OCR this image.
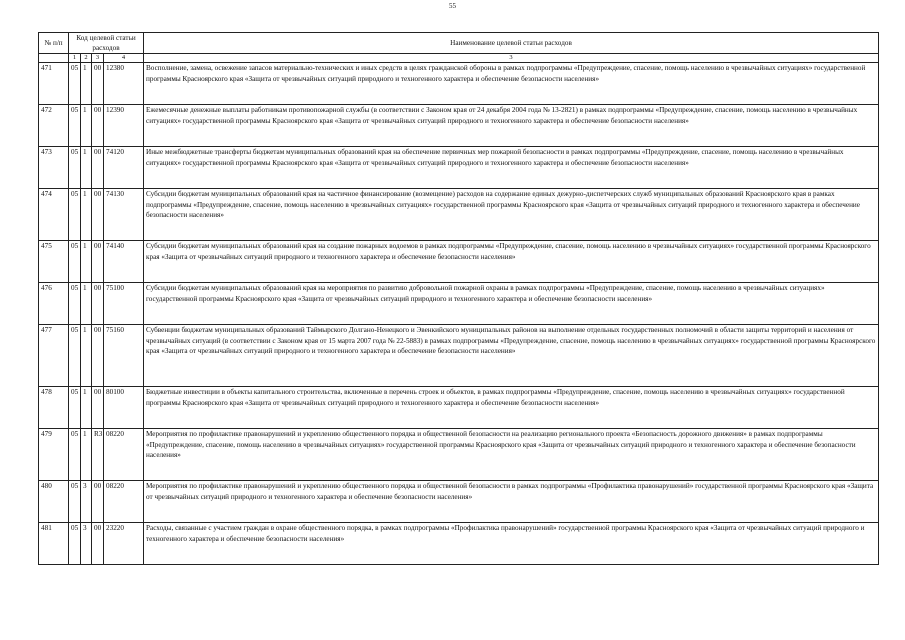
55
№ п/п	Код целевой статьи расходов				Наименование целевой статьи расходов
	1	2	3	4	3
471	05	1	00	12380	Восполнение, замена, освежение запасов материально-технических и иных средств в целях гражданской обороны в рамках подпрограммы «Предупреждение, спасение, помощь населению в чрезвычайных ситуациях» государственной программы Красноярского края «Защита от чрезвычайных ситуаций природного и техногенного характера и обеспечение безопасности населения»
472	05	1	00	12390	Ежемесячные денежные выплаты работникам противопожарной службы (в соответствии с Законом края от 24 декабря 2004 года № 13-2821) в рамках подпрограммы «Предупреждение, спасение, помощь населению в чрезвычайных ситуациях» государственной программы Красноярского края «Защита от чрезвычайных ситуаций природного и техногенного характера и обеспечение безопасности населения»
473	05	1	00	74120	Иные межбюджетные трансферты бюджетам муниципальных образований края на обеспечение первичных мер пожарной безопасности в рамках подпрограммы «Предупреждение, спасение, помощь населению в чрезвычайных ситуациях» государственной программы Красноярского края «Защита от чрезвычайных ситуаций природного и техногенного характера и обеспечение безопасности населения»
474	05	1	00	74130	Субсидии бюджетам муниципальных образований края на частичное финансирование (возмещение) расходов на содержание единых дежурно-диспетчерских служб муниципальных образований Красноярского края в рамках подпрограммы «Предупреждение, спасение, помощь населению в чрезвычайных ситуациях» государственной программы Красноярского края «Защита от чрезвычайных ситуаций природного и техногенного характера и обеспечение безопасности населения»
475	05	1	00	74140	Субсидии бюджетам муниципальных образований края на создание пожарных водоемов в рамках подпрограммы «Предупреждение, спасение, помощь населению в чрезвычайных ситуациях» государственной программы Красноярского края «Защита от чрезвычайных ситуаций природного и техногенного характера и обеспечение безопасности населения»
476	05	1	00	75100	Субсидии бюджетам муниципальных образований края на мероприятия по развитию добровольной пожарной охраны в рамках подпрограммы «Предупреждение, спасение, помощь населению в чрезвычайных ситуациях» государственной программы Красноярского края «Защита от чрезвычайных ситуаций природного и техногенного характера и обеспечение безопасности населения»
477	05	1	00	75160	Субвенции бюджетам муниципальных образований Таймырского Долгано-Ненецкого и Эвенкийского муниципальных районов на выполнение отдельных государственных полномочий в области защиты территорий и населения от чрезвычайных ситуаций (в соответствии с Законом края от 15 марта 2007 года № 22-5883) в рамках подпрограммы «Предупреждение, спасение, помощь населению в чрезвычайных ситуациях» государственной программы Красноярского края «Защита от чрезвычайных ситуаций природного и техногенного характера и обеспечение безопасности населения»
478	05	1	00	80100	Бюджетные инвестиции в объекты капитального строительства, включенные в перечень строек и объектов, в рамках подпрограммы «Предупреждение, спасение, помощь населению в чрезвычайных ситуациях» государственной программы Красноярского края «Защита от чрезвычайных ситуаций природного и техногенного характера и обеспечение безопасности населения»
479	05	1	R3	08220	Мероприятия по профилактике правонарушений и укреплению общественного порядка и общественной безопасности на реализацию регионального проекта «Безопасность дорожного движения» в рамках подпрограммы «Предупреждение, спасение, помощь населению в чрезвычайных ситуациях» государственной программы Красноярского края «Защита от чрезвычайных ситуаций природного и техногенного характера и обеспечение безопасности населения»
480	05	3	00	08220	Мероприятия по профилактике правонарушений и укреплению общественного порядка и общественной безопасности в рамках подпрограммы «Профилактика правонарушений» государственной программы Красноярского края «Защита от чрезвычайных ситуаций природного и техногенного характера и обеспечение безопасности населения»
481	05	3	00	23220	Расходы, связанные с участием граждан в охране общественного порядка, в рамках подпрограммы «Профилактика правонарушений» государственной программы Красноярского края «Защита от чрезвычайных ситуаций природного и техногенного характера и обеспечение безопасности населения»
